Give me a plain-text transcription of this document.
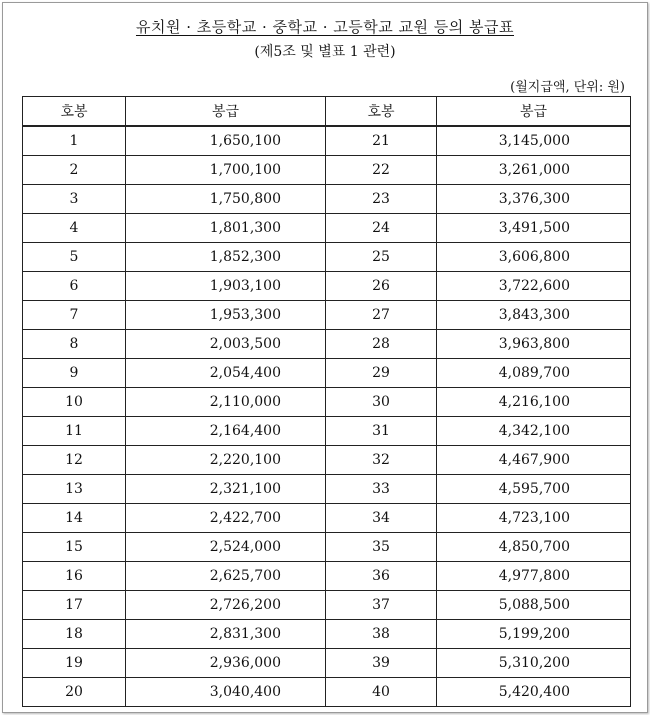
유치원 · 초등학교 · 중학교 · 고등학교 교원 등의 봉급표
(제5조 및 별표 1 관련)
(월지급액, 단위: 원)
호봉	봉급	호봉	봉급
1	1,650,100	21	3,145,000
2	1,700,100	22	3,261,000
3	1,750,800	23	3,376,300
4	1,801,300	24	3,491,500
5	1,852,300	25	3,606,800
6	1,903,100	26	3,722,600
7	1,953,300	27	3,843,300
8	2,003,500	28	3,963,800
9	2,054,400	29	4,089,700
10	2,110,000	30	4,216,100
11	2,164,400	31	4,342,100
12	2,220,100	32	4,467,900
13	2,321,100	33	4,595,700
14	2,422,700	34	4,723,100
15	2,524,000	35	4,850,700
16	2,625,700	36	4,977,800
17	2,726,200	37	5,088,500
18	2,831,300	38	5,199,200
19	2,936,000	39	5,310,200
20	3,040,400	40	5,420,400
